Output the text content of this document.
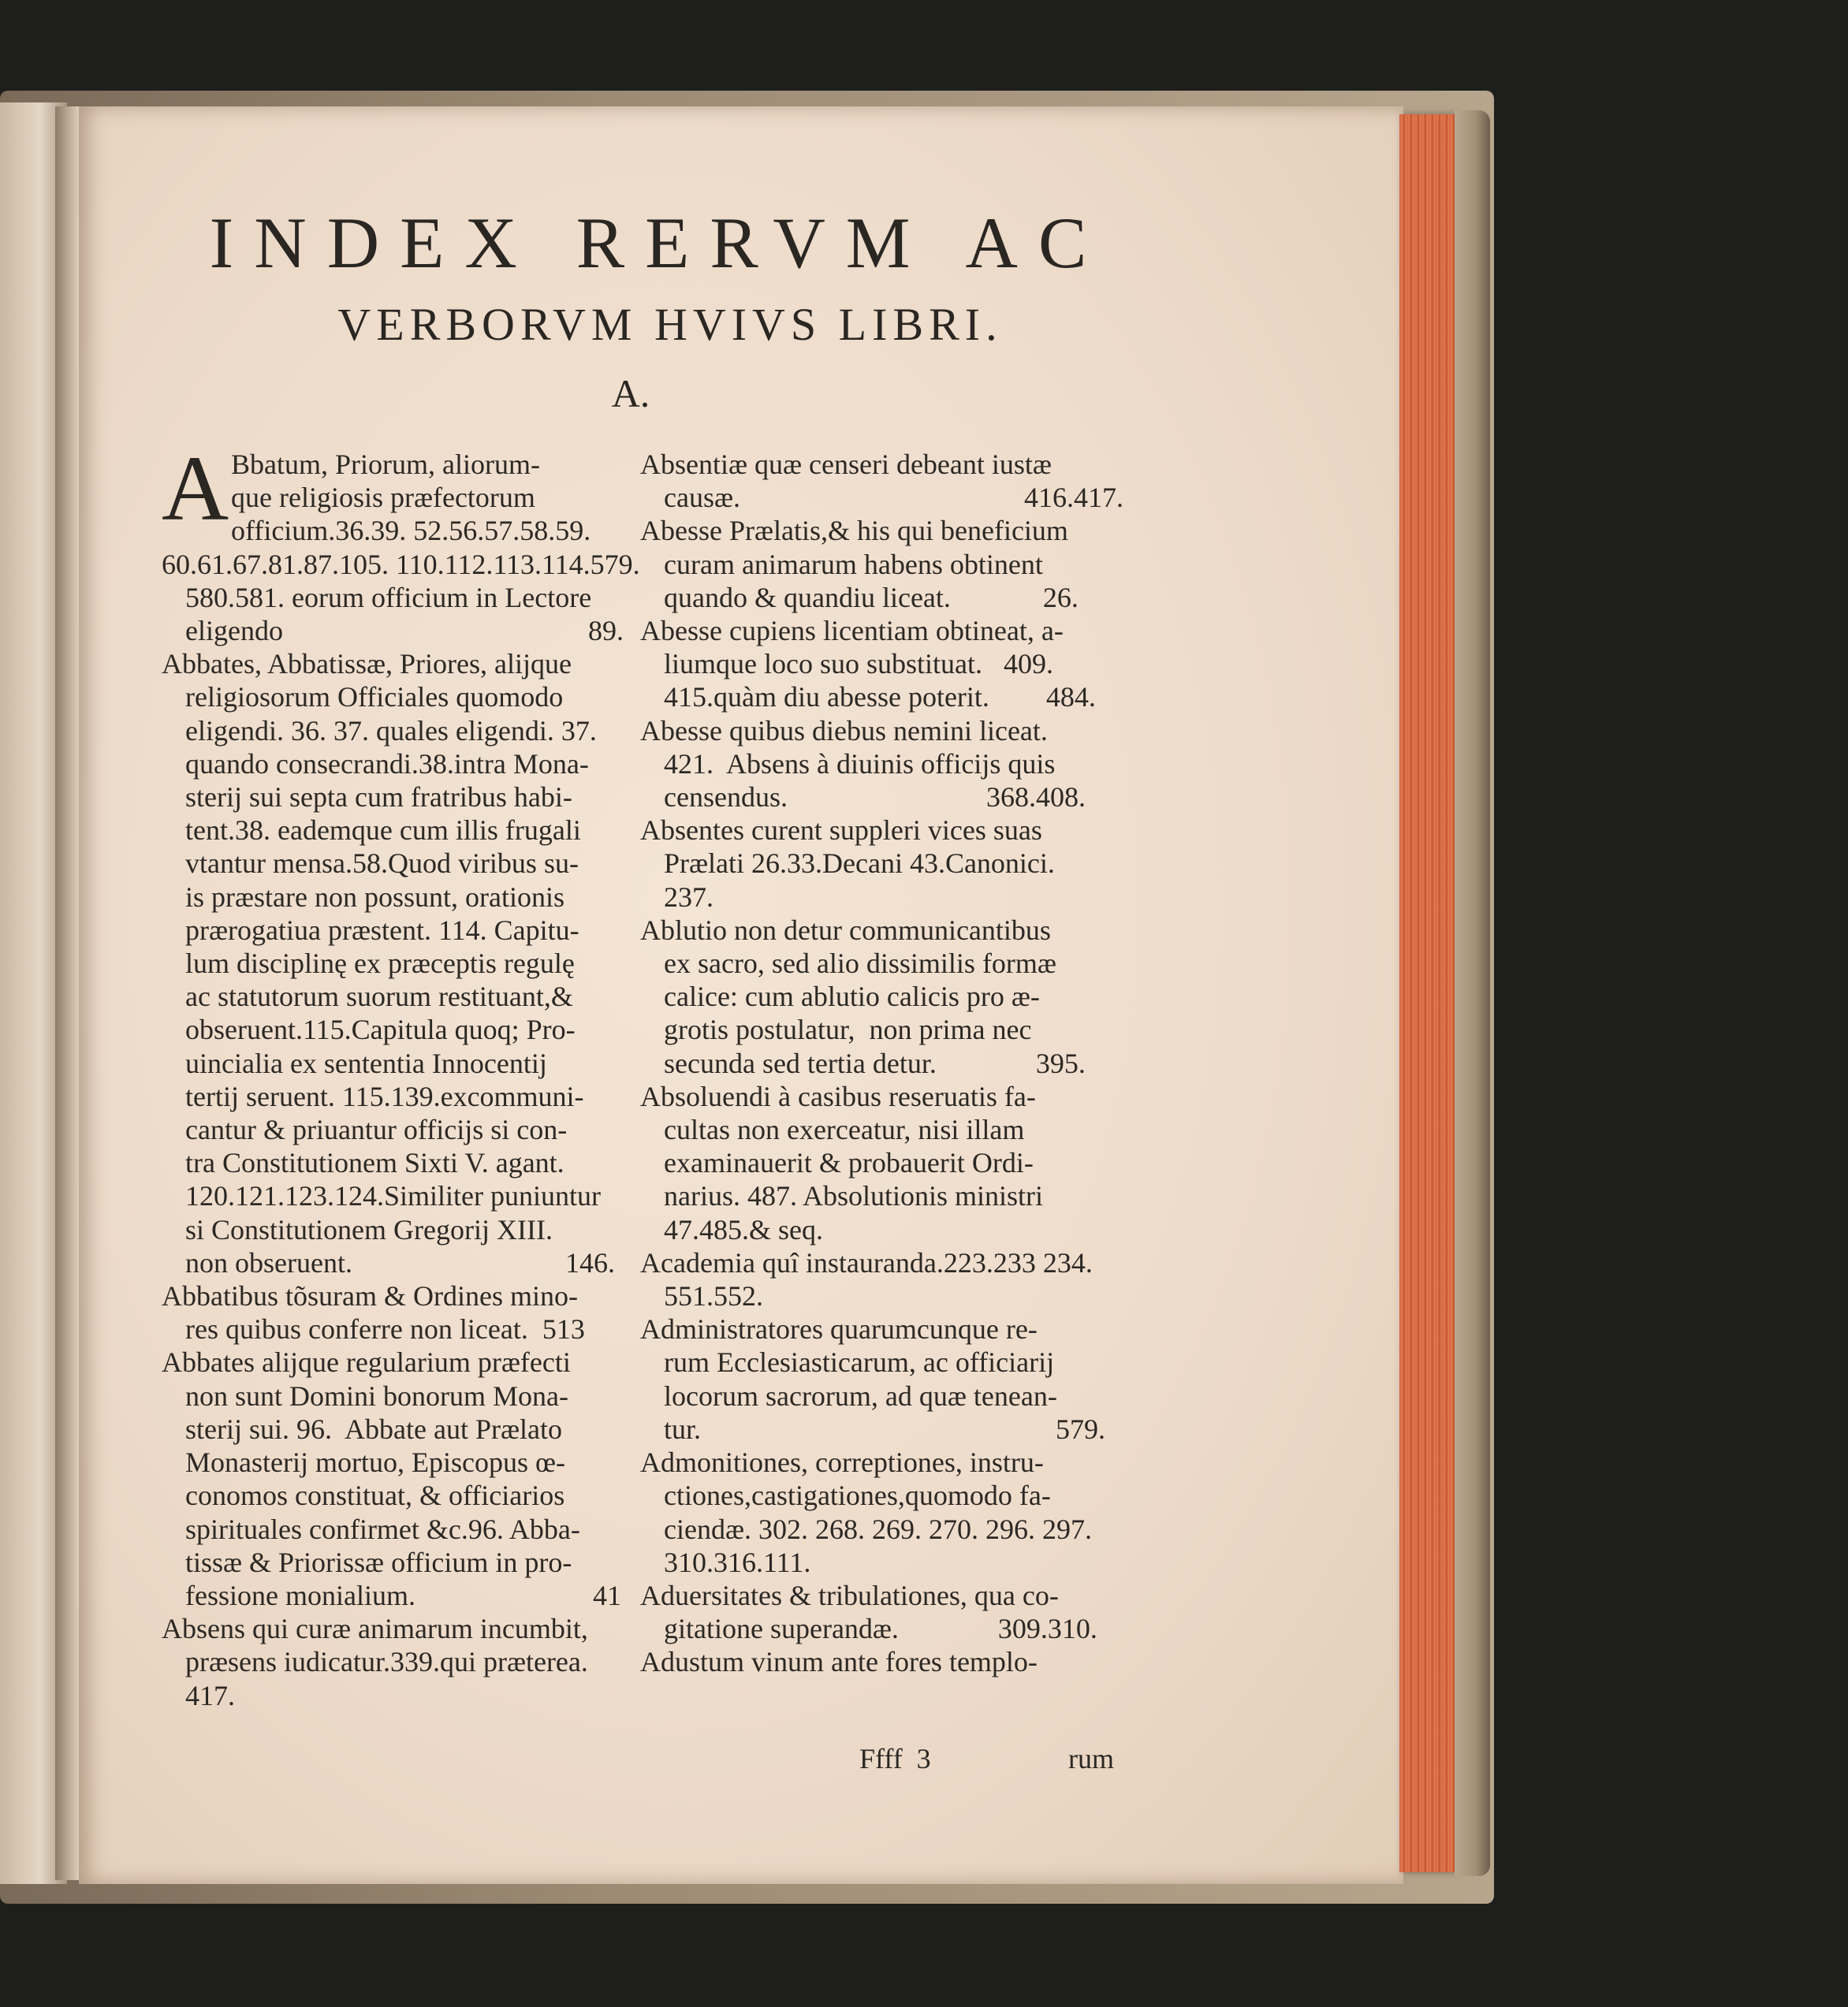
INDEX RERVM AC
VERBORVM HVIVS LIBRI.
A.
A Bbatum, Priorum, aliorum-
que religiosis præfectorum
officium.36.39. 52.56.57.58.59.
60.61.67.81.87.105. 110.112.113.114.579.
580.581. eorum officium in Lectore
eligendo                                           89.
Abbates, Abbatissæ, Priores, alijque
religiosorum Officiales quomodo
eligendi. 36. 37. quales eligendi. 37.
quando consecrandi.38.intra Mona-
sterij sui septa cum fratribus habi-
tent.38. eademque cum illis frugali
vtantur mensa.58.Quod viribus su-
is præstare non possunt, orationis
prærogatiua præstent. 114. Capitu-
lum disciplinę ex præceptis regulę
ac statutorum suorum restituant,&
obseruent.115.Capitula quoq; Pro-
uincialia ex sententia Innocentij
tertij seruent. 115.139.excommuni-
cantur & priuantur officijs si con-
tra Constitutionem Sixti V. agant.
120.121.123.124.Similiter puniuntur
si Constitutionem Gregorij XIII.
non obseruent.                              146.
Abbatibus tõsuram & Ordines mino-
res quibus conferre non liceat.  513
Abbates alijque regularium præfecti
non sunt Domini bonorum Mona-
sterij sui. 96.  Abbate aut Prælato
Monasterij mortuo, Episcopus œ-
conomos constituat, & officiarios
spirituales confirmet &c.96. Abba-
tissæ & Priorissæ officium in pro-
fessione monialium.                         41
Absens qui curæ animarum incumbit,
præsens iudicatur.339.qui præterea.
417.
Absentiæ quæ censeri debeant iustæ
causæ.                                        416.417.
Abesse Prælatis,& his qui beneficium
curam animarum habens obtinent
quando & quandiu liceat.             26.
Abesse cupiens licentiam obtineat, a-
liumque loco suo substituat.   409.
415.quàm diu abesse poterit.        484.
Abesse quibus diebus nemini liceat.
421.  Absens à diuinis officijs quis
censendus.                            368.408.
Absentes curent suppleri vices suas
Prælati 26.33.Decani 43.Canonici.
237.
Ablutio non detur communicantibus
ex sacro, sed alio dissimilis formæ
calice: cum ablutio calicis pro æ-
grotis postulatur,  non prima nec
secunda sed tertia detur.              395.
Absoluendi à casibus reseruatis fa-
cultas non exerceatur, nisi illam
examinauerit & probauerit Ordi-
narius. 487. Absolutionis ministri
47.485.& seq.
Academia quî instauranda.223.233 234.
551.552.
Administratores quarumcunque re-
rum Ecclesiasticarum, ac officiarij
locorum sacrorum, ad quæ tenean-
tur.                                                  579.
Admonitiones, correptiones, instru-
ctiones,castigationes,quomodo fa-
ciendæ. 302. 268. 269. 270. 296. 297.
310.316.111.
Aduersitates & tribulationes, qua co-
gitatione superandæ.              309.310.
Adustum vinum ante fores templo-
Ffff  3	rum
